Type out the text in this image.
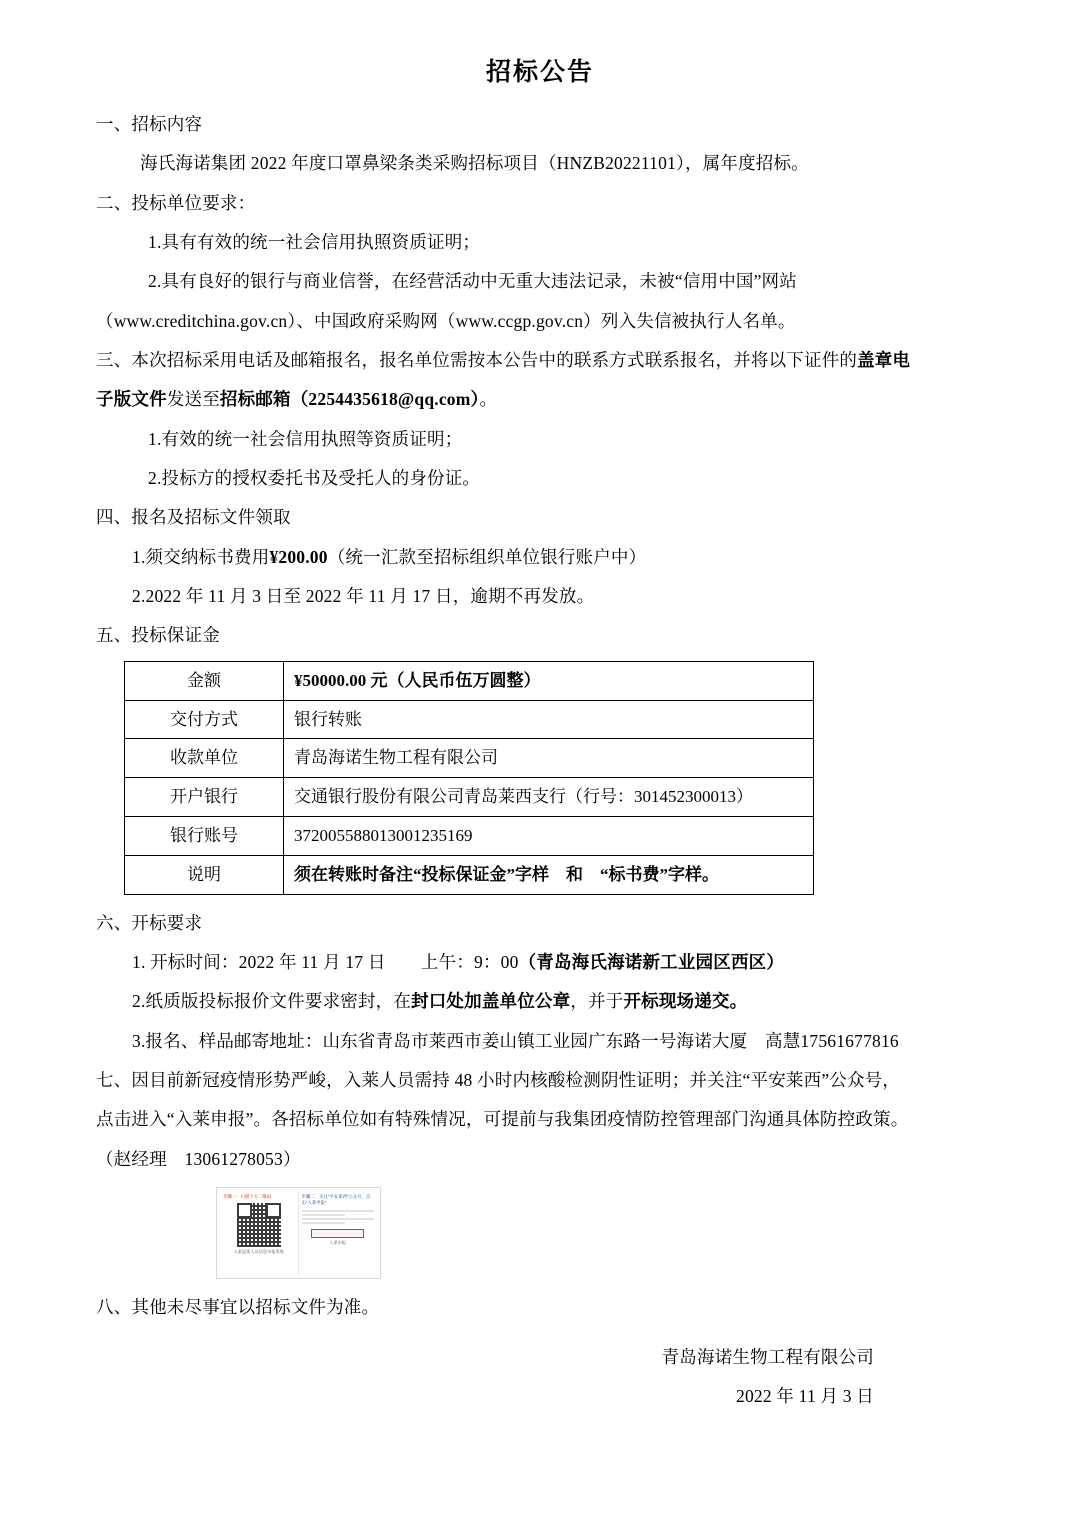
招标公告

一、招标内容

海氏海诺集团 2022 年度口罩鼻梁条类采购招标项目（HNZB20221101），属年度招标。

二、投标单位要求：

1.具有有效的统一社会信用执照资质证明；

2.具有良好的银行与商业信誉，在经营活动中无重大违法记录，未被“信用中国”网站

（www.creditchina.gov.cn）、中国政府采购网（www.ccgp.gov.cn）列入失信被执行人名单。

三、本次招标采用电话及邮箱报名，报名单位需按本公告中的联系方式联系报名，并将以下证件的盖章电

子版文件发送至招标邮箱（2254435618@qq.com）。

1.有效的统一社会信用执照等资质证明；

2.投标方的授权委托书及受托人的身份证。

四、报名及招标文件领取

1.须交纳标书费用¥200.00（统一汇款至招标组织单位银行账户中）

2.2022 年 11 月 3 日至 2022 年 11 月 17 日，逾期不再发放。

五、投标保证金

金额	¥50000.00 元（人民币伍万圆整）
交付方式	银行转账
收款单位	青岛海诺生物工程有限公司
开户银行	交通银行股份有限公司青岛莱西支行（行号：301452300013）
银行账号	372005588013001235169
说明	须在转账时备注“投标保证金”字样　和　“标书费”字样。

六、开标要求

1. 开标时间：2022 年 11 月 17 日　　上午：9：00（青岛海氏海诺新工业园区西区）

2.纸质版投标报价文件要求密封，在封口处加盖单位公章，并于开标现场递交。

3.报名、样品邮寄地址：山东省青岛市莱西市姜山镇工业园广东路一号海诺大厦　高慧17561677816

七、因目前新冠疫情形势严峻，入莱人员需持 48 小时内核酸检测阴性证明；并关注“平安莱西”公众号，

点击进入“入莱申报”。各招标单位如有特殊情况，可提前与我集团疫情防控管理部门沟通具体防控政策。

（赵经理　13061278053）

步骤一：扫描下方二维码
入莱返莱人员信息申报系统
步骤二：关注“平安莱西”公众号，点击“入莱申报”
入莱申报

八、其他未尽事宜以招标文件为准。

青岛海诺生物工程有限公司

2022 年 11 月 3 日
